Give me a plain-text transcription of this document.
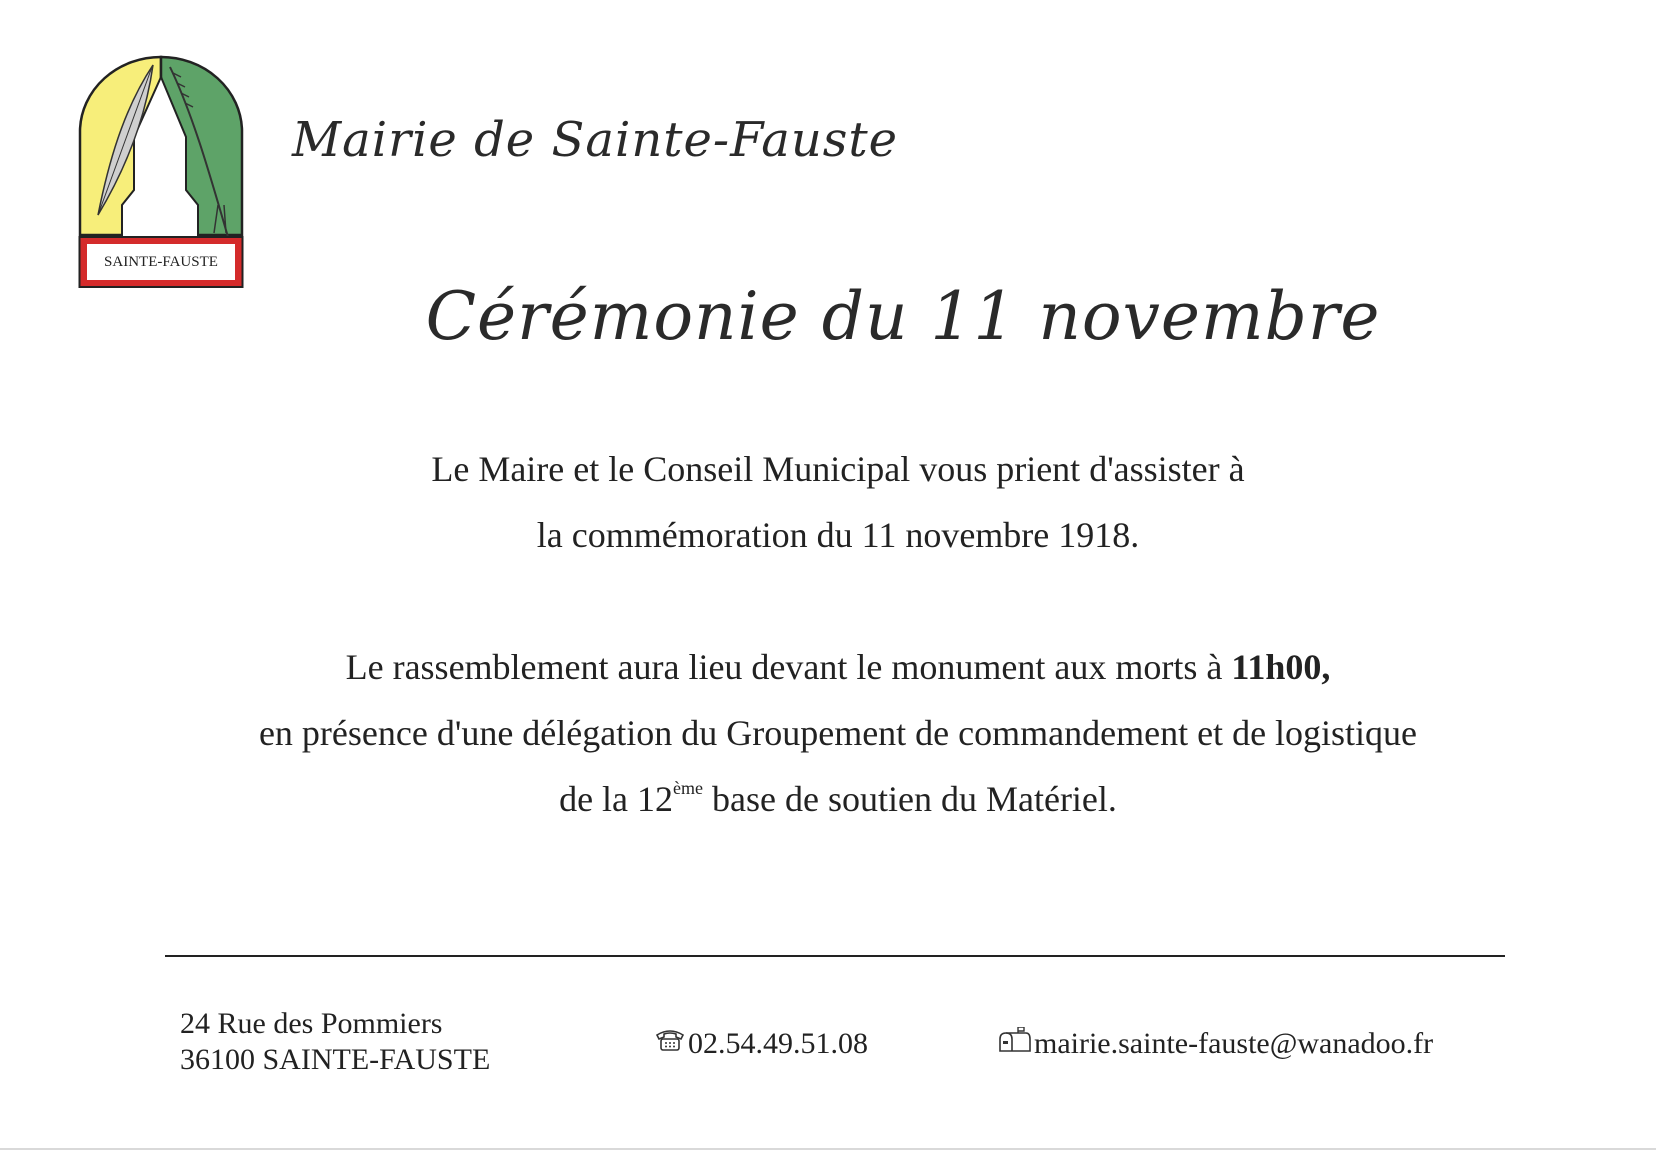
SAINTE-FAUSTE
Mairie de Sainte-Fauste
Cérémonie du 11 novembre
Le Maire et le Conseil Municipal vous prient d'assister à
la commémoration du 11 novembre 1918.
Le rassemblement aura lieu devant le monument aux morts à 11h00,
en présence d'une délégation du Groupement de commandement et de logistique
de la 12ème base de soutien du Matériel.
24 Rue des Pommiers
36100 SAINTE-FAUSTE	02.54.49.51.08	mairie.sainte-fauste@wanadoo.fr
